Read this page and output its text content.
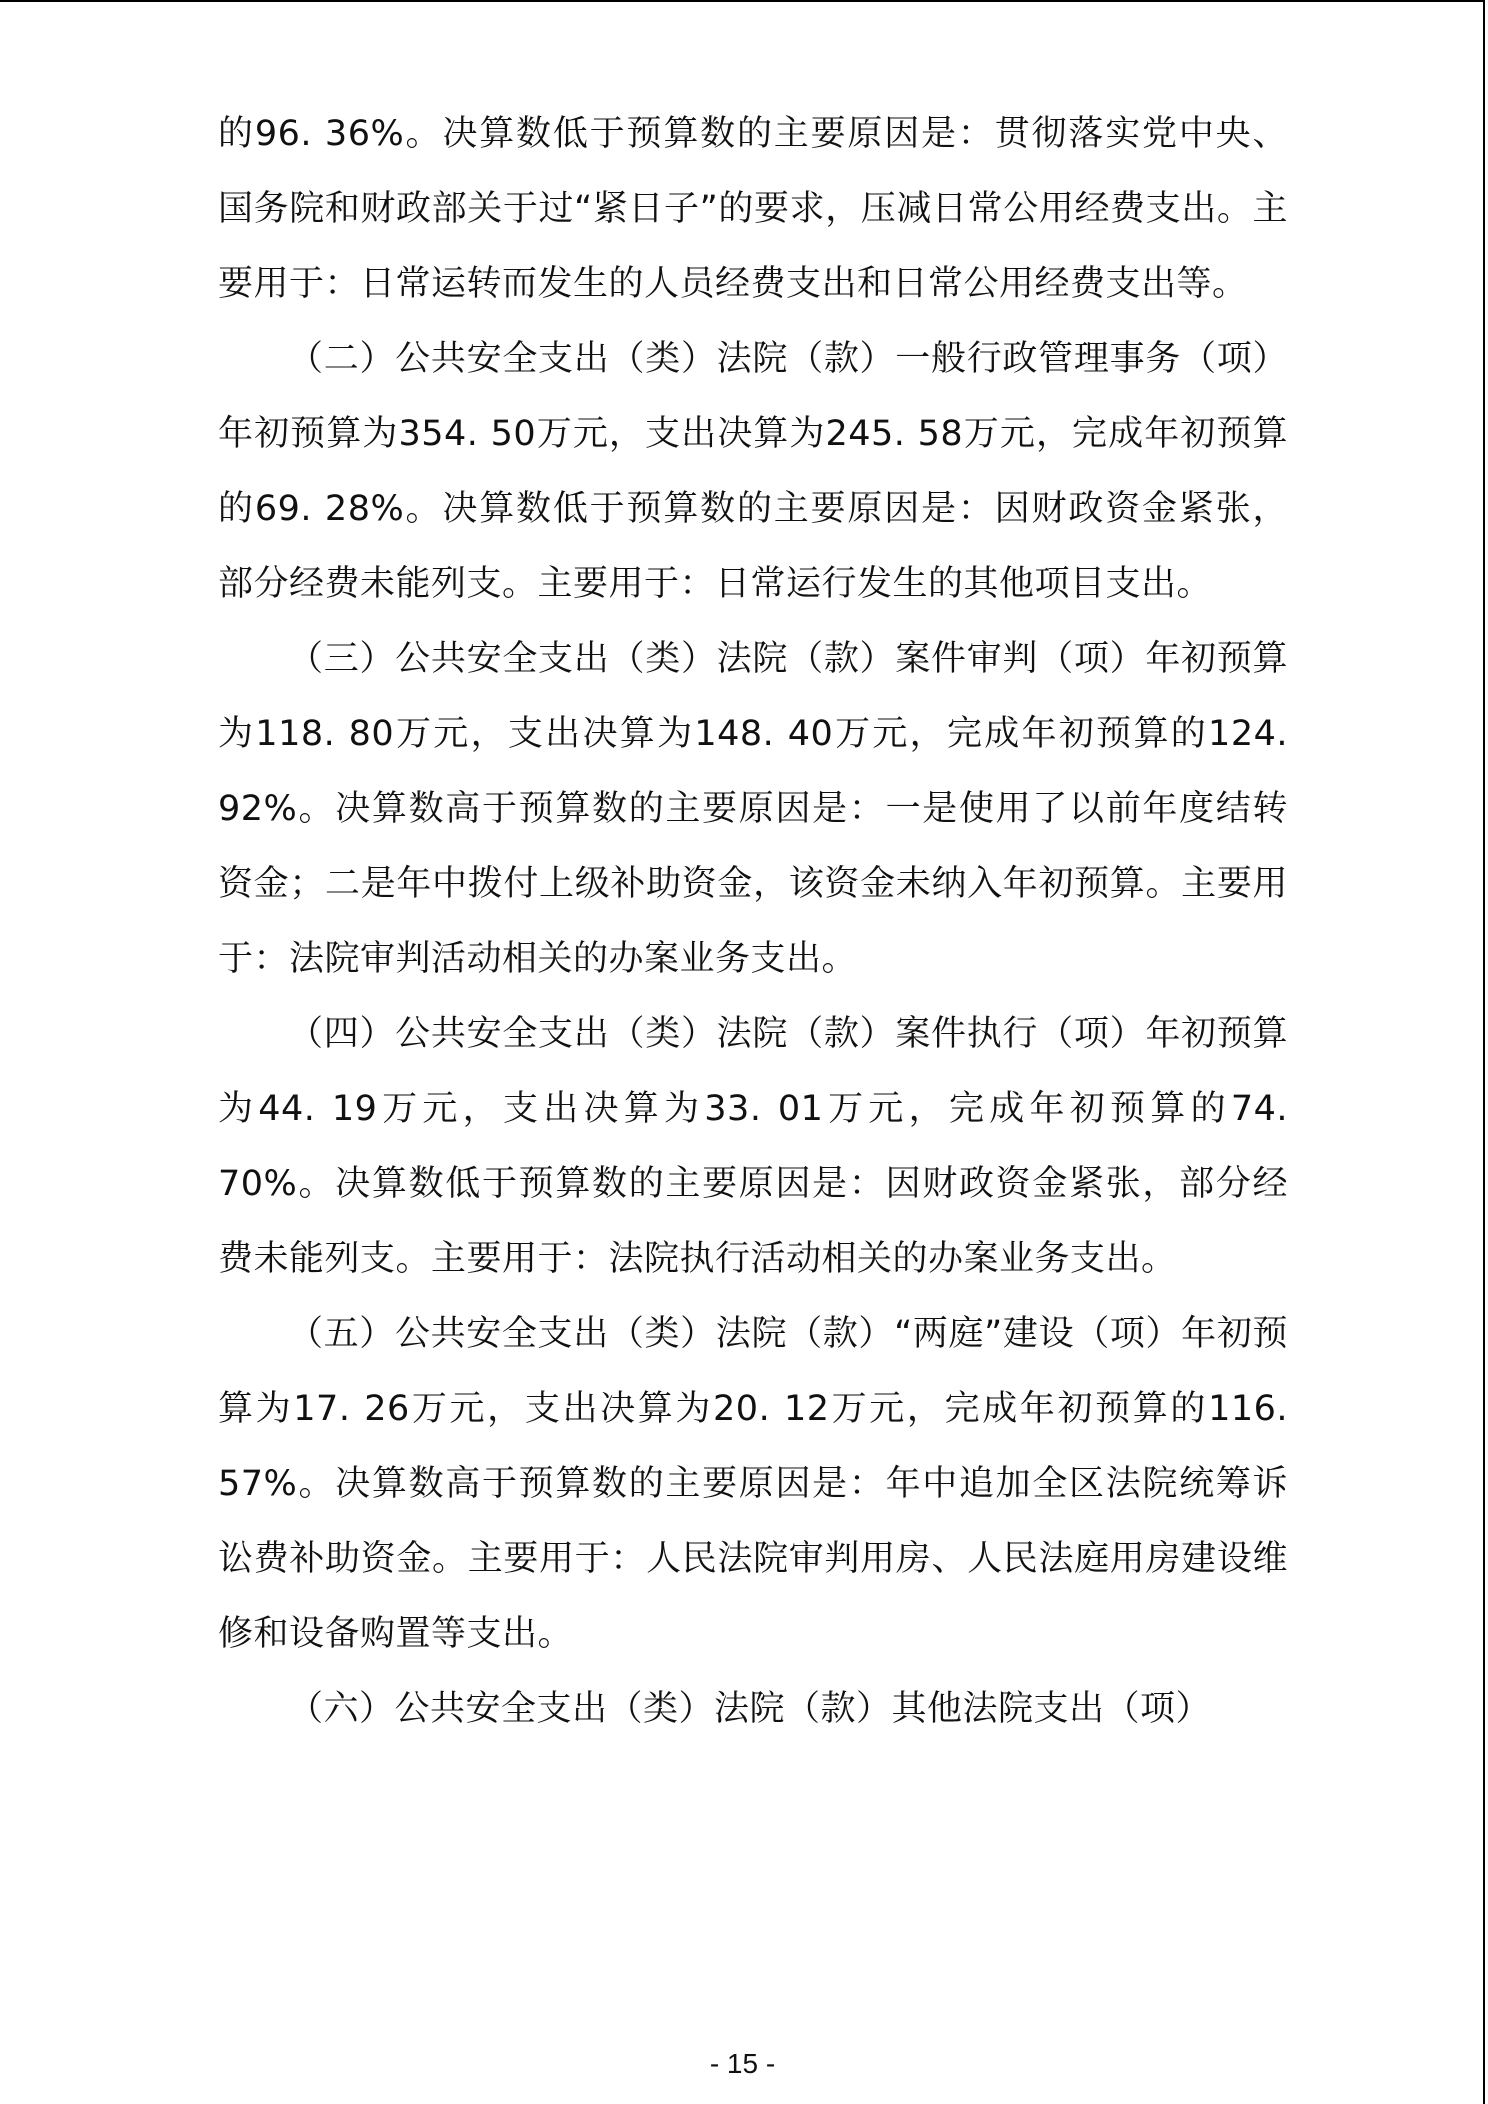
的96. 36%。决算数低于预算数的主要原因是：贯彻落实党中央、国务院和财政部关于过“紧日子”的要求，压减日常公用经费支出。主要用于：日常运转而发生的人员经费支出和日常公用经费支出等。

（二）公共安全支出（类）法院（款）一般行政管理事务（项）年初预算为354. 50万元，支出决算为245. 58万元，完成年初预算的69. 28%。决算数低于预算数的主要原因是：因财政资金紧张，部分经费未能列支。主要用于：日常运行发生的其他项目支出。

（三）公共安全支出（类）法院（款）案件审判（项）年初预算为118. 80万元，支出决算为148. 40万元，完成年初预算的124. 92%。决算数高于预算数的主要原因是：一是使用了以前年度结转资金；二是年中拨付上级补助资金，该资金未纳入年初预算。主要用于：法院审判活动相关的办案业务支出。

（四）公共安全支出（类）法院（款）案件执行（项）年初预算为44. 19万元，支出决算为33. 01万元，完成年初预算的74. 70%。决算数低于预算数的主要原因是：因财政资金紧张，部分经费未能列支。主要用于：法院执行活动相关的办案业务支出。

（五）公共安全支出（类）法院（款）“两庭”建设（项）年初预算为17. 26万元，支出决算为20. 12万元，完成年初预算的116. 57%。决算数高于预算数的主要原因是：年中追加全区法院统筹诉讼费补助资金。主要用于：人民法院审判用房、人民法庭用房建设维修和设备购置等支出。

（六）公共安全支出（类）法院（款）其他法院支出（项）

- 15 -
